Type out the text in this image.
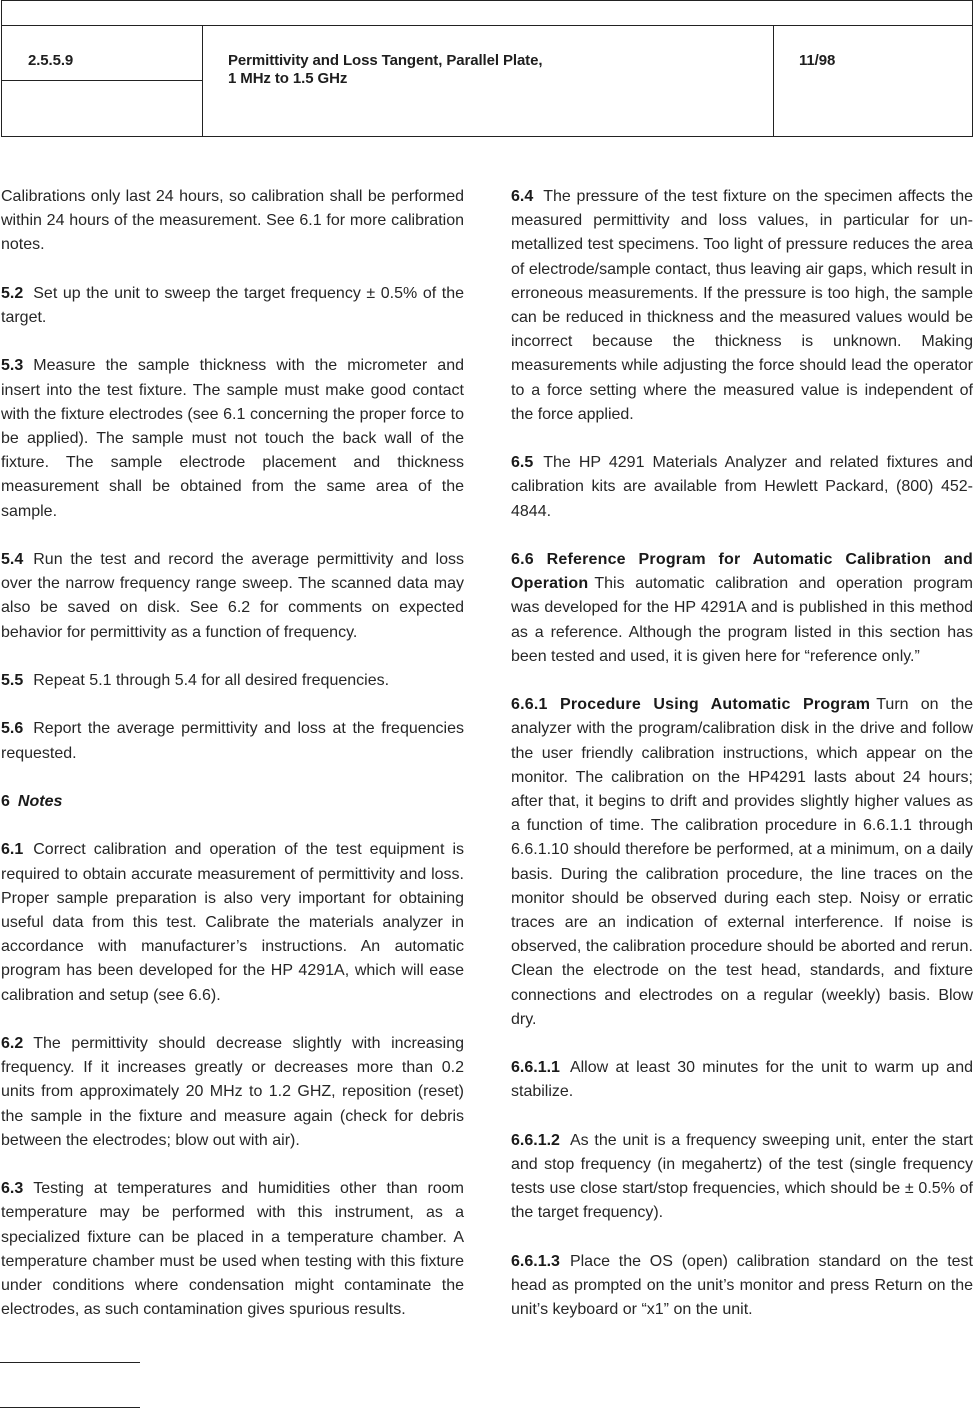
2.5.5.9	Permittivity and Loss Tangent, Parallel Plate,
1 MHz to 1.5 GHz
11/98

Calibrations only last 24 hours, so calibration shall be performed within 24 hours of the measurement. See 6.1 for more calibration notes.

5.2 Set up the unit to sweep the target frequency ± 0.5% of the target.

5.3 Measure the sample thickness with the micrometer and insert into the test fixture. The sample must make good contact with the fixture electrodes (see 6.1 concerning the proper force to be applied). The sample must not touch the back wall of the fixture. The sample electrode placement and thickness measurement shall be obtained from the same area of the sample.

5.4 Run the test and record the average permittivity and loss over the narrow frequency range sweep. The scanned data may also be saved on disk. See 6.2 for comments on expected behavior for permittivity as a function of frequency.

5.5 Repeat 5.1 through 5.4 for all desired frequencies.

5.6 Report the average permittivity and loss at the frequencies requested.

6 Notes

6.1 Correct calibration and operation of the test equipment is required to obtain accurate measurement of permittivity and loss. Proper sample preparation is also very important for obtaining useful data from this test. Calibrate the materials analyzer in accordance with manufacturer’s instructions. An automatic program has been developed for the HP 4291A, which will ease calibration and setup (see 6.6).

6.2 The permittivity should decrease slightly with increasing frequency. If it increases greatly or decreases more than 0.2 units from approximately 20 MHz to 1.2 GHZ, reposition (reset) the sample in the fixture and measure again (check for debris between the electrodes; blow out with air).

6.3 Testing at temperatures and humidities other than room temperature may be performed with this instrument, as a specialized fixture can be placed in a temperature chamber. A temperature chamber must be used when testing with this fixture under conditions where condensation might contaminate the electrodes, as such contamination gives spurious results.

6.4 The pressure of the test fixture on the specimen affects the measured permittivity and loss values, in particular for un-metallized test specimens. Too light of pressure reduces the area of electrode/sample contact, thus leaving air gaps, which result in erroneous measurements. If the pressure is too high, the sample can be reduced in thickness and the measured values would be incorrect because the thickness is unknown. Making measurements while adjusting the force should lead the operator to a force setting where the measured value is independent of the force applied.

6.5 The HP 4291 Materials Analyzer and related fixtures and calibration kits are available from Hewlett Packard, (800) 452-4844.

6.6 Reference Program for Automatic Calibration and Operation This automatic calibration and operation program was developed for the HP 4291A and is published in this method as a reference. Although the program listed in this section has been tested and used, it is given here for “reference only.”

6.6.1 Procedure Using Automatic Program Turn on the analyzer with the program/calibration disk in the drive and follow the user friendly calibration instructions, which appear on the monitor. The calibration on the HP4291 lasts about 24 hours; after that, it begins to drift and provides slightly higher values as a function of time. The calibration procedure in 6.6.1.1 through 6.6.1.10 should therefore be performed, at a minimum, on a daily basis. During the calibration procedure, the line traces on the monitor should be observed during each step. Noisy or erratic traces are an indication of external interference. If noise is observed, the calibration procedure should be aborted and rerun. Clean the electrode on the test head, standards, and fixture connections and electrodes on a regular (weekly) basis. Blow dry.

6.6.1.1 Allow at least 30 minutes for the unit to warm up and stabilize.

6.6.1.2 As the unit is a frequency sweeping unit, enter the start and stop frequency (in megahertz) of the test (single frequency tests use close start/stop frequencies, which should be ± 0.5% of the target frequency).

6.6.1.3 Place the OS (open) calibration standard on the test head as prompted on the unit’s monitor and press Return on the unit’s keyboard or “x1” on the unit.
